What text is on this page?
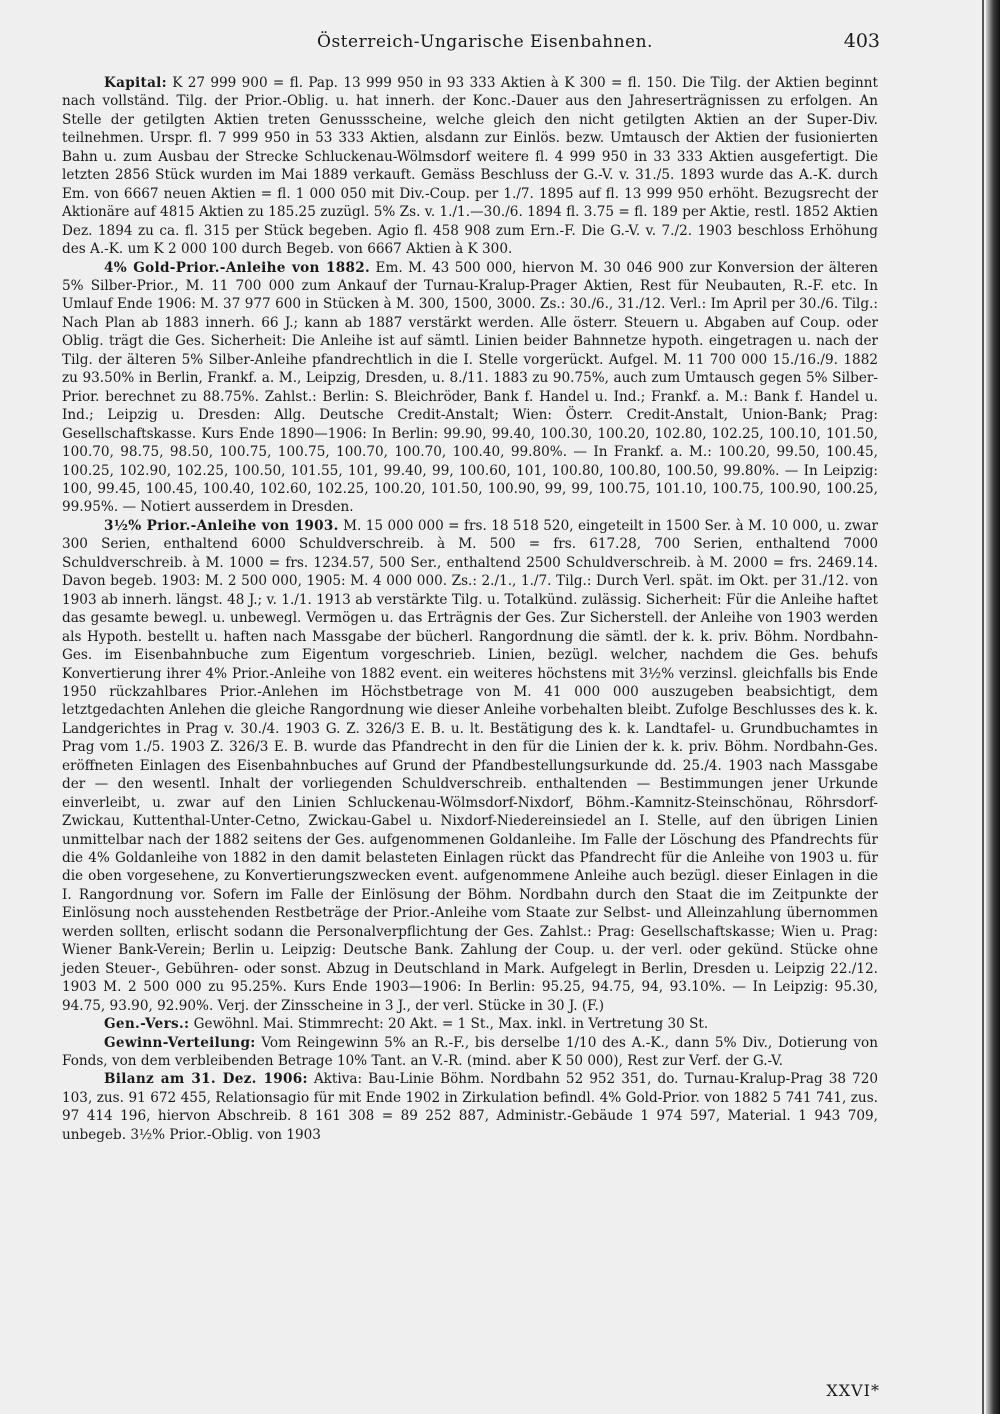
Österreich-Ungarische Eisenbahnen.	403

Kapital: K 27 999 900 = fl. Pap. 13 999 950 in 93 333 Aktien à K 300 = fl. 150. Die Tilg. der Aktien beginnt nach vollständ. Tilg. der Prior.-Oblig. u. hat innerh. der Konc.-Dauer aus den Jahreserträgnissen zu erfolgen. An Stelle der getilgten Aktien treten Genussscheine, welche gleich den nicht getilgten Aktien an der Super-Div. teilnehmen. Urspr. fl. 7 999 950 in 53 333 Aktien, alsdann zur Einlös. bezw. Umtausch der Aktien der fusionierten Bahn u. zum Ausbau der Strecke Schluckenau-Wölmsdorf weitere fl. 4 999 950 in 33 333 Aktien ausgefertigt. Die letzten 2856 Stück wurden im Mai 1889 verkauft. Gemäss Beschluss der G.-V. v. 31./5. 1893 wurde das A.-K. durch Em. von 6667 neuen Aktien = fl. 1 000 050 mit Div.-Coup. per 1./7. 1895 auf fl. 13 999 950 erhöht. Bezugsrecht der Aktionäre auf 4815 Aktien zu 185.25 zuzügl. 5% Zs. v. 1./1.—30./6. 1894 fl. 3.75 = fl. 189 per Aktie, restl. 1852 Aktien Dez. 1894 zu ca. fl. 315 per Stück begeben. Agio fl. 458 908 zum Ern.-F. Die G.-V. v. 7./2. 1903 beschloss Erhöhung des A.-K. um K 2 000 100 durch Begeb. von 6667 Aktien à K 300.

4% Gold-Prior.-Anleihe von 1882. Em. M. 43 500 000, hiervon M. 30 046 900 zur Konversion der älteren 5% Silber-Prior., M. 11 700 000 zum Ankauf der Turnau-Kralup-Prager Aktien, Rest für Neubauten, R.-F. etc. In Umlauf Ende 1906: M. 37 977 600 in Stücken à M. 300, 1500, 3000. Zs.: 30./6., 31./12. Verl.: Im April per 30./6. Tilg.: Nach Plan ab 1883 innerh. 66 J.; kann ab 1887 verstärkt werden. Alle österr. Steuern u. Abgaben auf Coup. oder Oblig. trägt die Ges. Sicherheit: Die Anleihe ist auf sämtl. Linien beider Bahnnetze hypoth. eingetragen u. nach der Tilg. der älteren 5% Silber-Anleihe pfandrechtlich in die I. Stelle vorgerückt. Aufgel. M. 11 700 000 15./16./9. 1882 zu 93.50% in Berlin, Frankf. a. M., Leipzig, Dresden, u. 8./11. 1883 zu 90.75%, auch zum Umtausch gegen 5% Silber-Prior. berechnet zu 88.75%. Zahlst.: Berlin: S. Bleichröder, Bank f. Handel u. Ind.; Frankf. a. M.: Bank f. Handel u. Ind.; Leipzig u. Dresden: Allg. Deutsche Credit-Anstalt; Wien: Österr. Credit-Anstalt, Union-Bank; Prag: Gesellschaftskasse. Kurs Ende 1890—1906: In Berlin: 99.90, 99.40, 100.30, 100.20, 102.80, 102.25, 100.10, 101.50, 100.70, 98.75, 98.50, 100.75, 100.75, 100.70, 100.70, 100.40, 99.80%. — In Frankf. a. M.: 100.20, 99.50, 100.45, 100.25, 102.90, 102.25, 100.50, 101.55, 101, 99.40, 99, 100.60, 101, 100.80, 100.80, 100.50, 99.80%. — In Leipzig: 100, 99.45, 100.45, 100.40, 102.60, 102.25, 100.20, 101.50, 100.90, 99, 99, 100.75, 101.10, 100.75, 100.90, 100.25, 99.95%. — Notiert ausserdem in Dresden.

3½% Prior.-Anleihe von 1903. M. 15 000 000 = frs. 18 518 520, eingeteilt in 1500 Ser. à M. 10 000, u. zwar 300 Serien, enthaltend 6000 Schuldverschreib. à M. 500 = frs. 617.28, 700 Serien, enthaltend 7000 Schuldverschreib. à M. 1000 = frs. 1234.57, 500 Ser., enthaltend 2500 Schuldverschreib. à M. 2000 = frs. 2469.14. Davon begeb. 1903: M. 2 500 000, 1905: M. 4 000 000. Zs.: 2./1., 1./7. Tilg.: Durch Verl. spät. im Okt. per 31./12. von 1903 ab innerh. längst. 48 J.; v. 1./1. 1913 ab verstärkte Tilg. u. Totalkünd. zulässig. Sicherheit: Für die Anleihe haftet das gesamte bewegl. u. unbewegl. Vermögen u. das Erträgnis der Ges. Zur Sicherstell. der Anleihe von 1903 werden als Hypoth. bestellt u. haften nach Massgabe der bücherl. Rangordnung die sämtl. der k. k. priv. Böhm. Nordbahn-Ges. im Eisenbahnbuche zum Eigentum vorgeschrieb. Linien, bezügl. welcher, nachdem die Ges. behufs Konvertierung ihrer 4% Prior.-Anleihe von 1882 event. ein weiteres höchstens mit 3½% verzinsl. gleichfalls bis Ende 1950 rückzahlbares Prior.-Anlehen im Höchstbetrage von M. 41 000 000 auszugeben beabsichtigt, dem letztgedachten Anlehen die gleiche Rangordnung wie dieser Anleihe vorbehalten bleibt. Zufolge Beschlusses des k. k. Landgerichtes in Prag v. 30./4. 1903 G. Z. 326/3 E. B. u. lt. Bestätigung des k. k. Landtafel- u. Grundbuchamtes in Prag vom 1./5. 1903 Z. 326/3 E. B. wurde das Pfandrecht in den für die Linien der k. k. priv. Böhm. Nordbahn-Ges. eröffneten Einlagen des Eisenbahnbuches auf Grund der Pfandbestellungsurkunde dd. 25./4. 1903 nach Massgabe der — den wesentl. Inhalt der vorliegenden Schuldverschreib. enthaltenden — Bestimmungen jener Urkunde einverleibt, u. zwar auf den Linien Schluckenau-Wölmsdorf-Nixdorf, Böhm.-Kamnitz-Steinschönau, Röhrsdorf-Zwickau, Kuttenthal-Unter-Cetno, Zwickau-Gabel u. Nixdorf-Niedereinsiedel an I. Stelle, auf den übrigen Linien unmittelbar nach der 1882 seitens der Ges. aufgenommenen Goldanleihe. Im Falle der Löschung des Pfandrechts für die 4% Goldanleihe von 1882 in den damit belasteten Einlagen rückt das Pfandrecht für die Anleihe von 1903 u. für die oben vorgesehene, zu Konvertierungszwecken event. aufgenommene Anleihe auch bezügl. dieser Einlagen in die I. Rangordnung vor. Sofern im Falle der Einlösung der Böhm. Nordbahn durch den Staat die im Zeitpunkte der Einlösung noch ausstehenden Restbeträge der Prior.-Anleihe vom Staate zur Selbst- und Alleinzahlung übernommen werden sollten, erlischt sodann die Personalverpflichtung der Ges. Zahlst.: Prag: Gesellschaftskasse; Wien u. Prag: Wiener Bank-Verein; Berlin u. Leipzig: Deutsche Bank. Zahlung der Coup. u. der verl. oder gekünd. Stücke ohne jeden Steuer-, Gebühren- oder sonst. Abzug in Deutschland in Mark. Aufgelegt in Berlin, Dresden u. Leipzig 22./12. 1903 M. 2 500 000 zu 95.25%. Kurs Ende 1903—1906: In Berlin: 95.25, 94.75, 94, 93.10%. — In Leipzig: 95.30, 94.75, 93.90, 92.90%. Verj. der Zinsscheine in 3 J., der verl. Stücke in 30 J. (F.)

Gen.-Vers.: Gewöhnl. Mai. Stimmrecht: 20 Akt. = 1 St., Max. inkl. in Vertretung 30 St.

Gewinn-Verteilung: Vom Reingewinn 5% an R.-F., bis derselbe 1/10 des A.-K., dann 5% Div., Dotierung von Fonds, von dem verbleibenden Betrage 10% Tant. an V.-R. (mind. aber K 50 000), Rest zur Verf. der G.-V.

Bilanz am 31. Dez. 1906: Aktiva: Bau-Linie Böhm. Nordbahn 52 952 351, do. Turnau-Kralup-Prag 38 720 103, zus. 91 672 455, Relationsagio für mit Ende 1902 in Zirkulation befindl. 4% Gold-Prior. von 1882 5 741 741, zus. 97 414 196, hiervon Abschreib. 8 161 308 = 89 252 887, Administr.-Gebäude 1 974 597, Material. 1 943 709, unbegeb. 3½% Prior.-Oblig. von 1903

XXVI*
